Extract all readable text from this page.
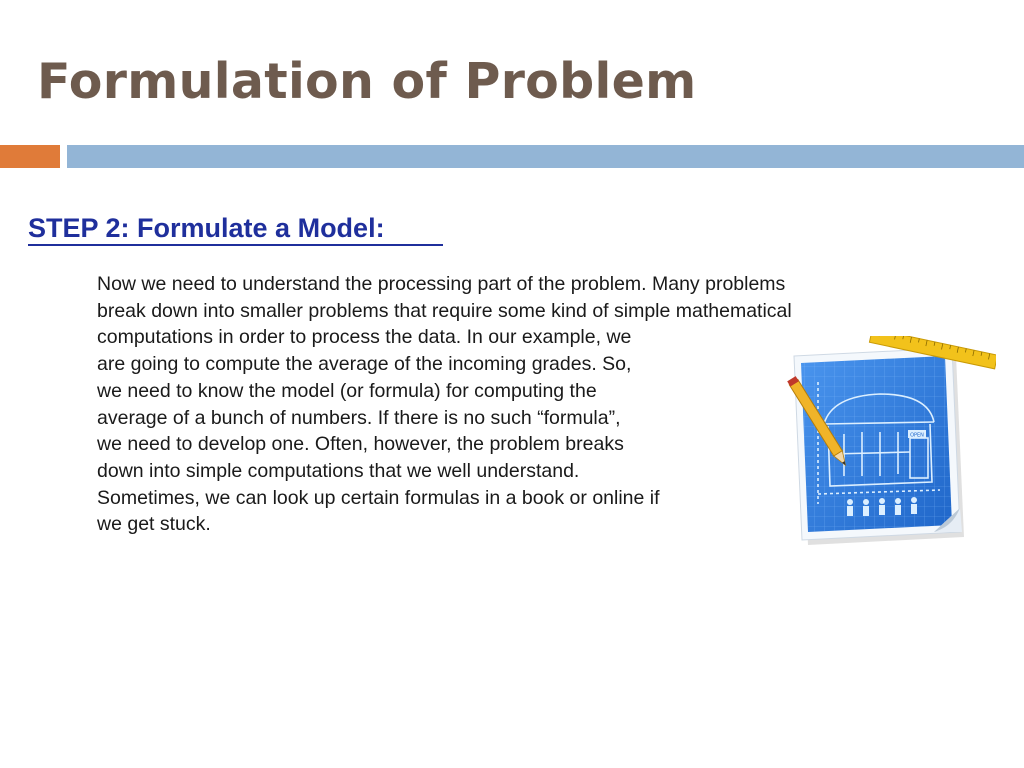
Formulation of Problem
STEP 2: Formulate a Model:

Now we need to understand the processing part of the problem. Many problems
break down into smaller problems that require some kind of simple mathematical
computations in order to process the data. In our example, we
are going to compute the average of the incoming grades. So,
we need to know the model (or formula) for computing the
average of a bunch of numbers. If there is no such “formula”,
we need to develop one. Often, however, the problem breaks
down into simple computations that we well understand.
Sometimes, we can look up certain formulas in a book or online if
we get stuck.

OPEN
